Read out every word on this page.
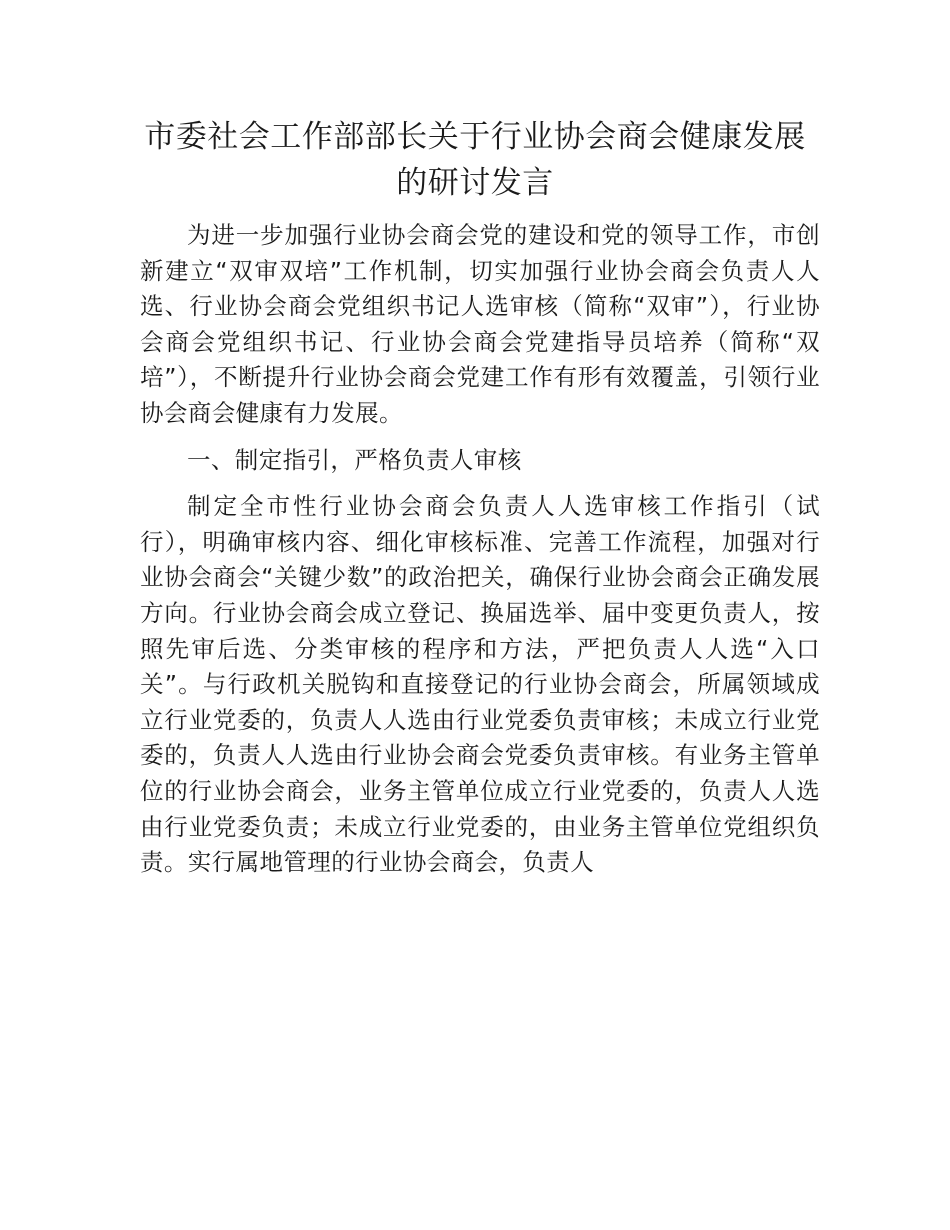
市委社会工作部部长关于行业协会商会健康发展的研讨发言

为进一步加强行业协会商会党的建设和党的领导工作，市创新建立“双审双培”工作机制，切实加强行业协会商会负责人人选、行业协会商会党组织书记人选审核（简称“双审”），行业协会商会党组织书记、行业协会商会党建指导员培养（简称“双培”），不断提升行业协会商会党建工作有形有效覆盖，引领行业协会商会健康有力发展。

一、制定指引，严格负责人审核

制定全市性行业协会商会负责人人选审核工作指引（试行），明确审核内容、细化审核标准、完善工作流程，加强对行业协会商会“关键少数”的政治把关，确保行业协会商会正确发展方向。行业协会商会成立登记、换届选举、届中变更负责人，按照先审后选、分类审核的程序和方法，严把负责人人选“入口关”。与行政机关脱钩和直接登记的行业协会商会，所属领域成立行业党委的，负责人人选由行业党委负责审核；未成立行业党委的，负责人人选由行业协会商会党委负责审核。有业务主管单位的行业协会商会，业务主管单位成立行业党委的，负责人人选由行业党委负责；未成立行业党委的，由业务主管单位党组织负责。实行属地管理的行业协会商会，负责人
